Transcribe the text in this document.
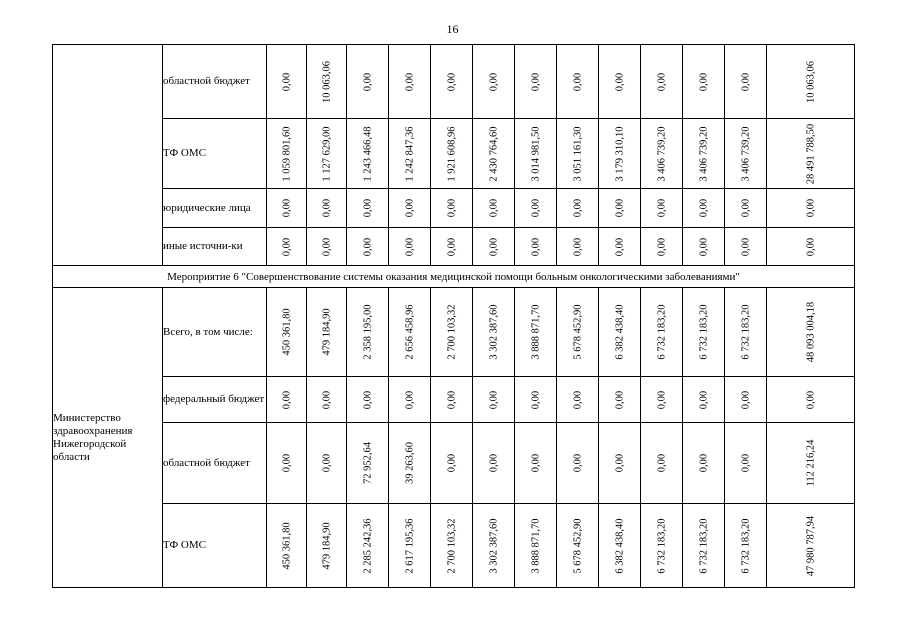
16
	областной бюджет	0,00	10 063,06	0,00	0,00	0,00	0,00	0,00	0,00	0,00	0,00	0,00	0,00	10 063,06

	ТФ ОМС	1 059 801,60	1 127 629,00	1 243 466,48	1 242 847,36	1 921 608,96	2 430 764,60	3 014 981,50	3 051 161,30	3 179 310,10	3 406 739,20	3 406 739,20	3 406 739,20	28 491 788,50

	юридические лица	0,00	0,00	0,00	0,00	0,00	0,00	0,00	0,00	0,00	0,00	0,00	0,00	0,00

	иные источни-ки	0,00	0,00	0,00	0,00	0,00	0,00	0,00	0,00	0,00	0,00	0,00	0,00	0,00

Мероприятие 6 "Совершенствование системы оказания медицинской помощи больным онкологическими заболеваниями"														
Министерство здравоохранения Нижегородской области	Всего, в том числе:	450 361,80	479 184,90	2 358 195,00	2 656 458,96	2 700 103,32	3 302 387,60	3 888 871,70	5 678 452,90	6 382 438,40	6 732 183,20	6 732 183,20	6 732 183,20	48 093 004,18

	федеральный бюджет	0,00	0,00	0,00	0,00	0,00	0,00	0,00	0,00	0,00	0,00	0,00	0,00	0,00

	областной бюджет	0,00	0,00	72 952,64	39 263,60	0,00	0,00	0,00	0,00	0,00	0,00	0,00	0,00	112 216,24

	ТФ ОМС	450 361,80	479 184,90	2 285 242,36	2 617 195,36	2 700 103,32	3 302 387,60	3 888 871,70	5 678 452,90	6 382 438,40	6 732 183,20	6 732 183,20	6 732 183,20	47 980 787,94
